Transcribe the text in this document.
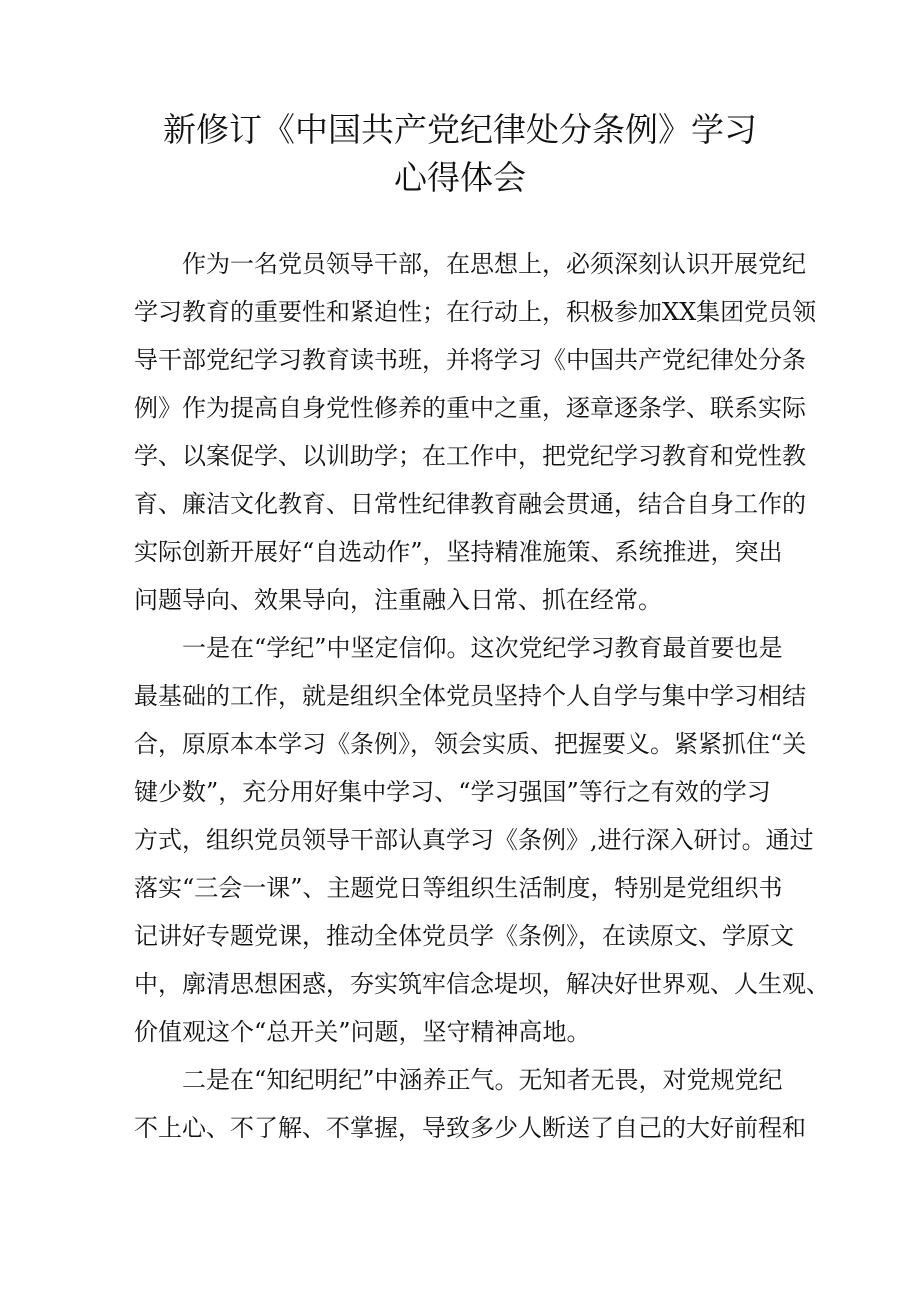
新修订《中国共产党纪律处分条例》学习
心得体会
作为一名党员领导干部，在思想上，必须深刻认识开展党纪
学习教育的重要性和紧迫性；在行动上，积极参加XX集团党员领
导干部党纪学习教育读书班，并将学习《中国共产党纪律处分条
例》作为提高自身党性修养的重中之重，逐章逐条学、联系实际
学、以案促学、以训助学；在工作中，把党纪学习教育和党性教
育、廉洁文化教育、日常性纪律教育融会贯通，结合自身工作的
实际创新开展好“自选动作”，坚持精准施策、系统推进，突出
问题导向、效果导向，注重融入日常、抓在经常。
一是在“学纪”中坚定信仰。这次党纪学习教育最首要也是
最基础的工作，就是组织全体党员坚持个人自学与集中学习相结
合，原原本本学习《条例》，领会实质、把握要义。紧紧抓住“关
键少数”，充分用好集中学习、“学习强国”等行之有效的学习
方式，组织党员领导干部认真学习《条例》,进行深入研讨。通过
落实“三会一课”、主题党日等组织生活制度，特别是党组织书
记讲好专题党课，推动全体党员学《条例》，在读原文、学原文
中，廓清思想困惑，夯实筑牢信念堤坝，解决好世界观、人生观、
价值观这个“总开关”问题，坚守精神高地。
二是在“知纪明纪”中涵养正气。无知者无畏，对党规党纪
不上心、不了解、不掌握，导致多少人断送了自己的大好前程和
